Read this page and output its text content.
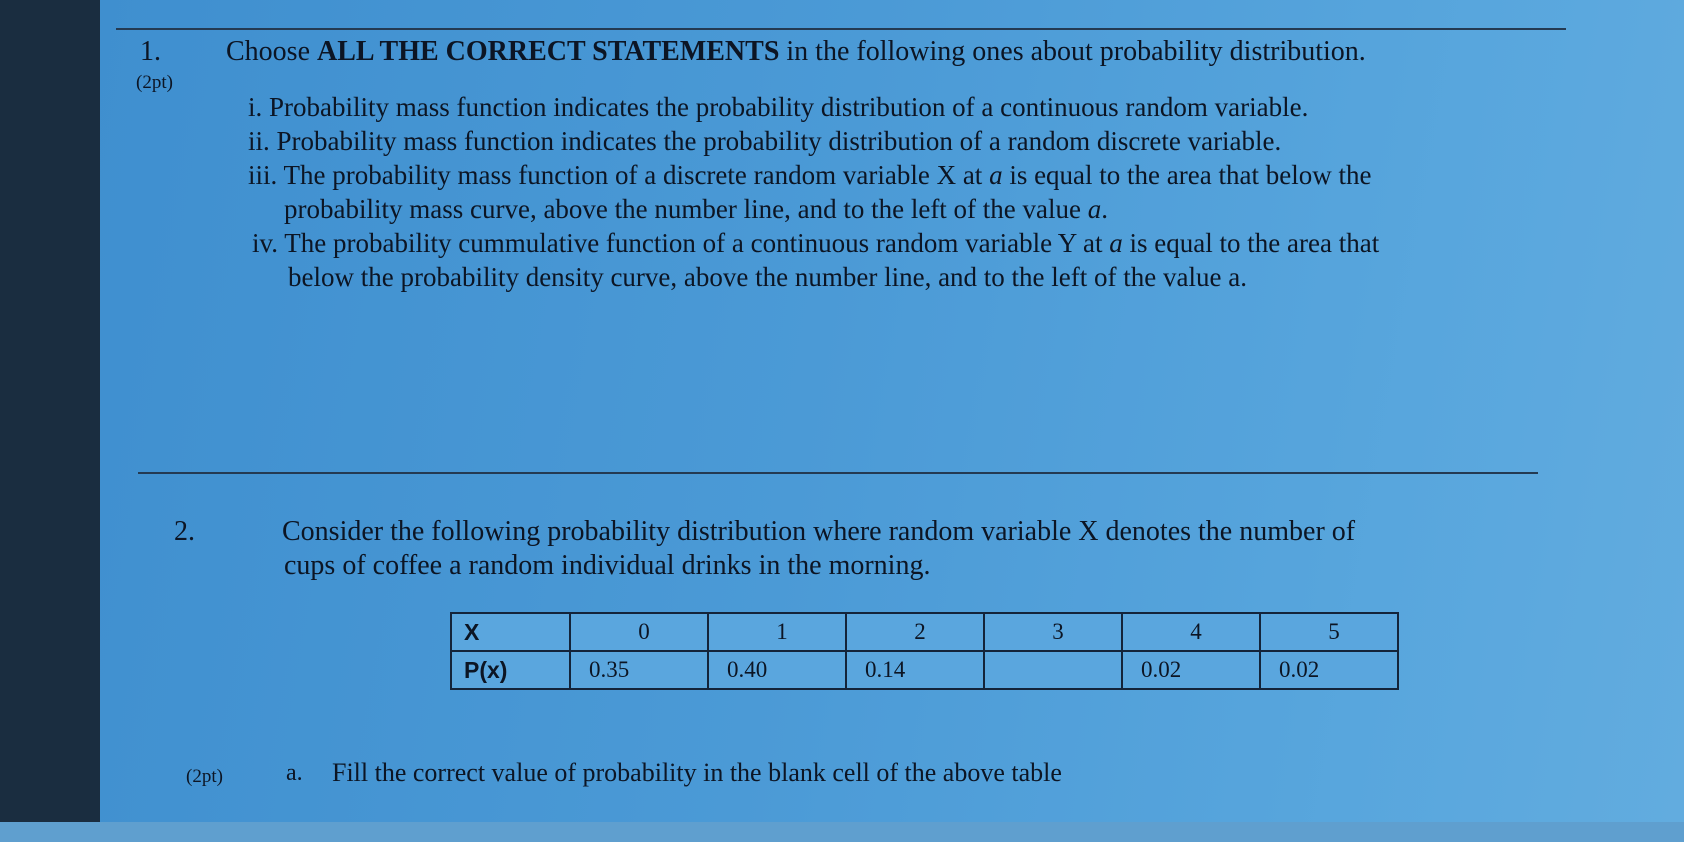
1.
(2pt)
Choose ALL THE CORRECT STATEMENTS in the following ones about probability distribution.
i. Probability mass function indicates the probability distribution of a continuous random variable.
ii. Probability mass function indicates the probability distribution of a random discrete variable.
iii. The probability mass function of a discrete random variable X at a is equal to the area that below the
probability mass curve, above the number line, and to the left of the value a.
iv. The probability cummulative function of a continuous random variable Y at a is equal to the area that
below the probability density curve, above the number line, and to the left of the value a.
2.	Consider the following probability distribution where random variable X denotes the number of
cups of coffee a random individual drinks in the morning.
X	0	1	2	3	4	5
P(x)	0.35	0.40	0.14		0.02	0.02
(2pt)	a. Fill the correct value of probability in the blank cell of the above table
